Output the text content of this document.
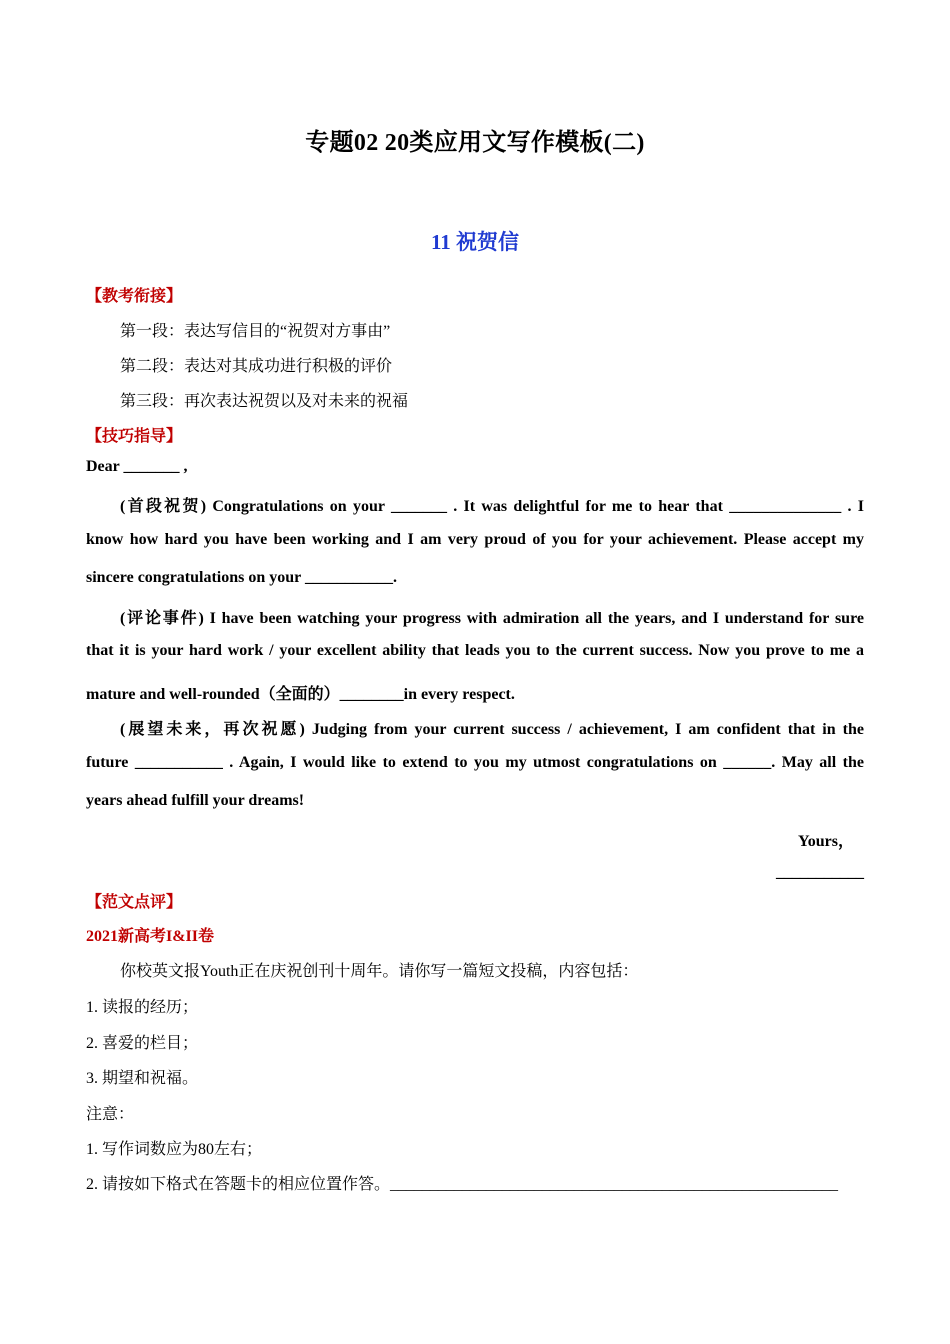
专题02 20类应用文写作模板(二)
11 祝贺信
【教考衔接】
第一段：表达写信目的“祝贺对方事由”
第二段：表达对其成功进行积极的评价
第三段：再次表达祝贺以及对未来的祝福
【技巧指导】
Dear _______ ,
(首段祝贺) Congratulations on your _______ . It was delightful for me to hear that ______________ . I
know how hard you have been working and I am very proud of you for your achievement. Please accept my
sincere congratulations on your ___________.
(评论事件) I have been watching your progress with admiration all the years, and I understand for sure
that it is your hard work / your excellent ability that leads you to the current success. Now you prove to me a
mature and well-rounded（全面的）________in every respect.
(展望未来，再次祝愿) Judging from your current success / achievement, I am confident that in the
future ___________ . Again, I would like to extend to you my utmost congratulations on ______. May all the
years ahead fulfill your dreams!
Yours，
___________
【范文点评】
2021新高考I&II卷
你校英文报Youth正在庆祝创刊十周年。请你写一篇短文投稿，内容包括：
1. 读报的经历；
2. 喜爱的栏目；
3. 期望和祝福。
注意：
1. 写作词数应为80左右；
2. 请按如下格式在答题卡的相应位置作答。________________________________________________________
